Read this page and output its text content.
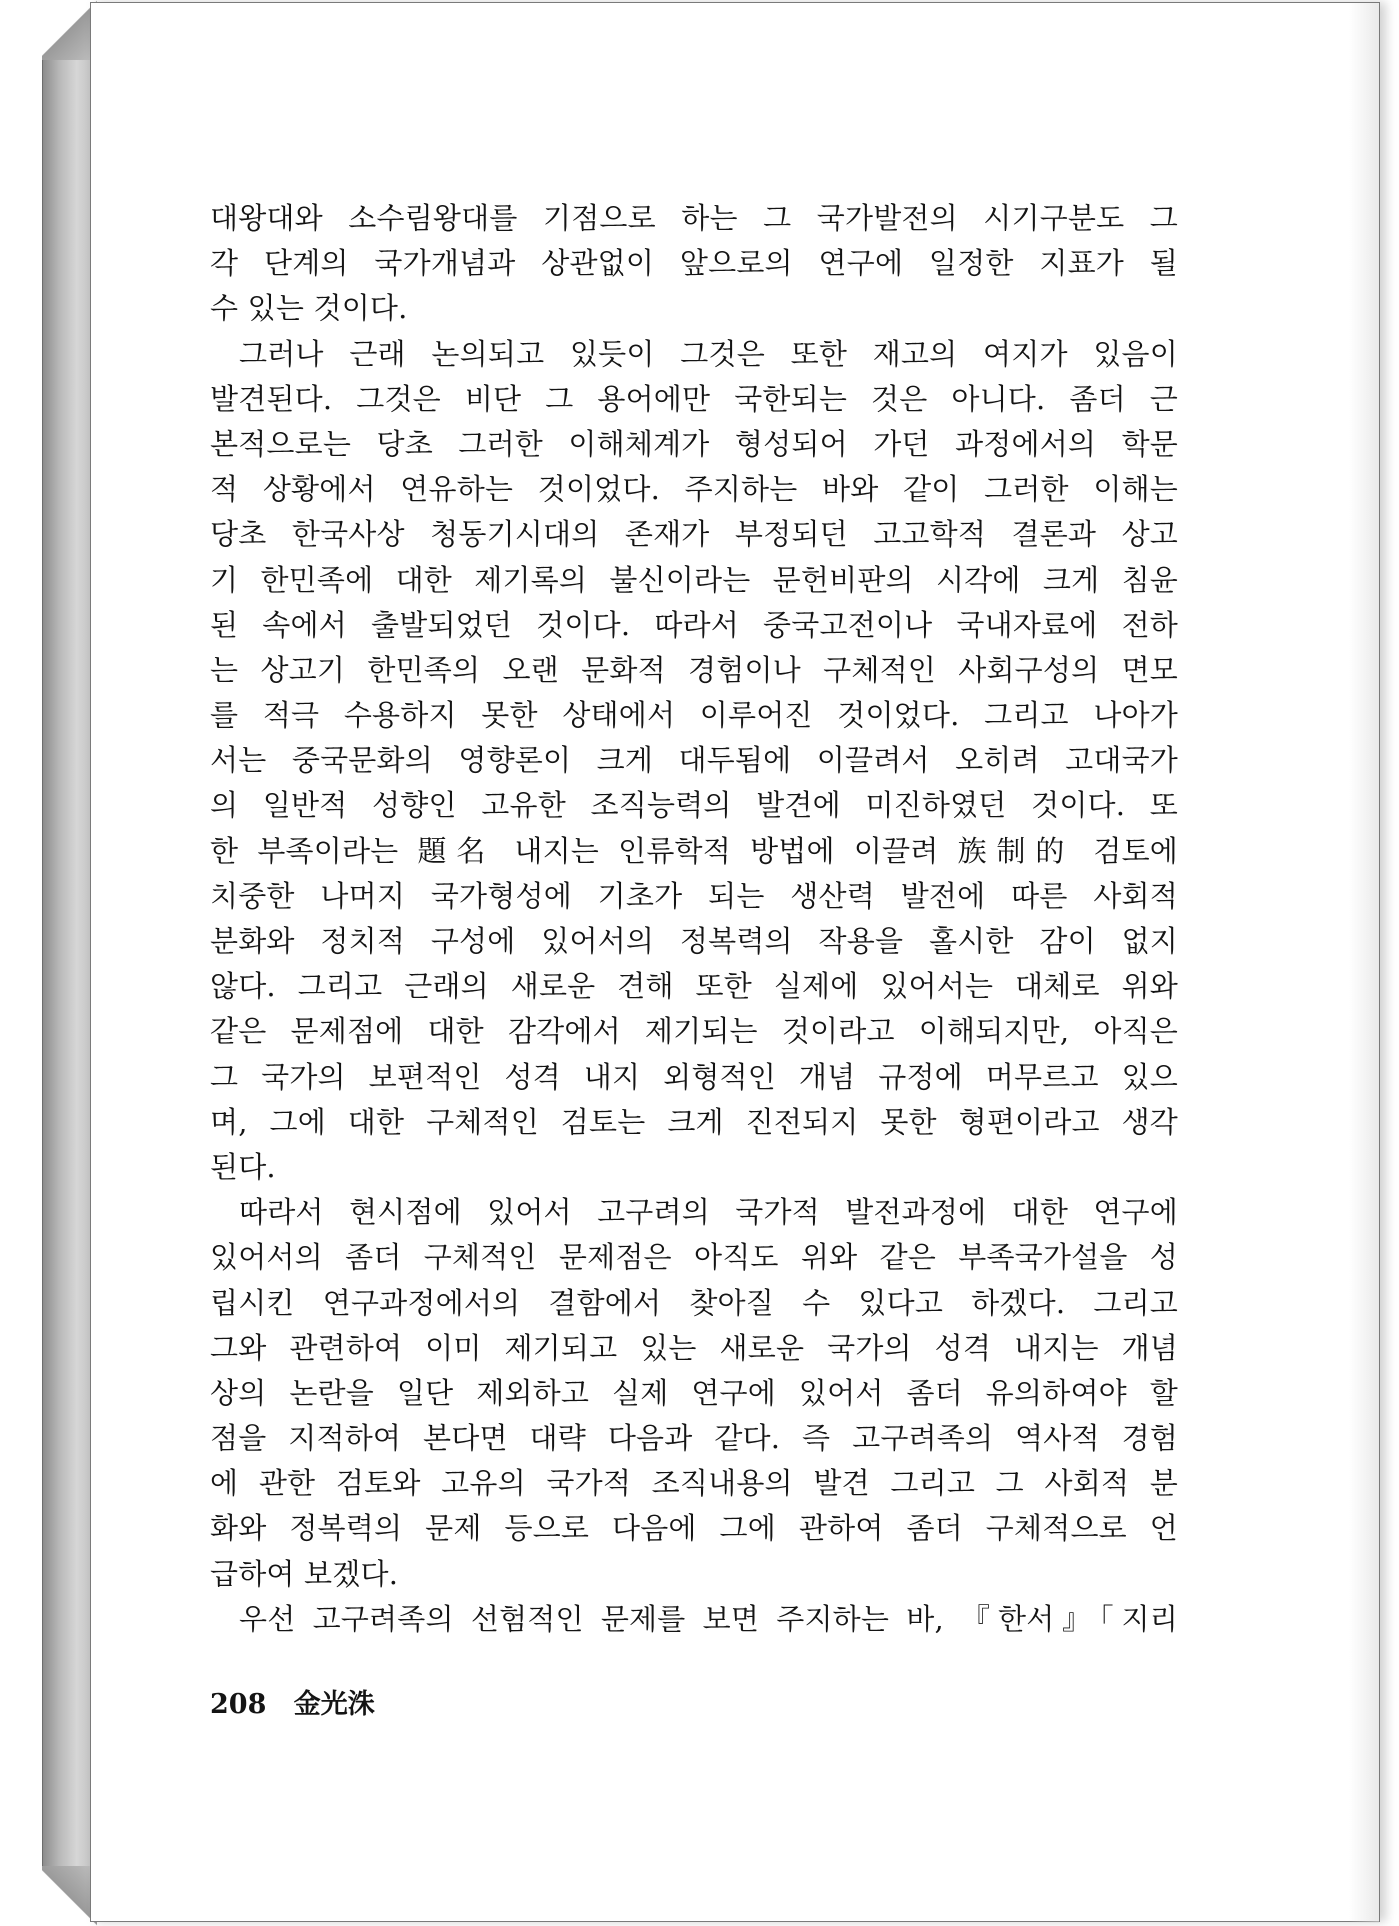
대왕대와 소수림왕대를 기점으로 하는 그 국가발전의 시기구분도 그
각 단계의 국가개념과 상관없이 앞으로의 연구에 일정한 지표가 될
수 있는 것이다.
그러나 근래 논의되고 있듯이 그것은 또한 재고의 여지가 있음이
발견된다. 그것은 비단 그 용어에만 국한되는 것은 아니다. 좀더 근
본적으로는 당초 그러한 이해체계가 형성되어 가던 과정에서의 학문
적 상황에서 연유하는 것이었다. 주지하는 바와 같이 그러한 이해는
당초 한국사상 청동기시대의 존재가 부정되던 고고학적 결론과 상고
기 한민족에 대한 제기록의 불신이라는 문헌비판의 시각에 크게 침윤
된 속에서 출발되었던 것이다. 따라서 중국고전이나 국내자료에 전하
는 상고기 한민족의 오랜 문화적 경험이나 구체적인 사회구성의 면모
를 적극 수용하지 못한 상태에서 이루어진 것이었다. 그리고 나아가
서는 중국문화의 영향론이 크게 대두됨에 이끌려서 오히려 고대국가
의 일반적 성향인 고유한 조직능력의 발견에 미진하였던 것이다. 또
한 부족이라는 題名 내지는 인류학적 방법에 이끌려 族制的 검토에
치중한 나머지 국가형성에 기초가 되는 생산력 발전에 따른 사회적
분화와 정치적 구성에 있어서의 정복력의 작용을 홀시한 감이 없지
않다. 그리고 근래의 새로운 견해 또한 실제에 있어서는 대체로 위와
같은 문제점에 대한 감각에서 제기되는 것이라고 이해되지만, 아직은
그 국가의 보편적인 성격 내지 외형적인 개념 규정에 머무르고 있으
며, 그에 대한 구체적인 검토는 크게 진전되지 못한 형편이라고 생각
된다.
따라서 현시점에 있어서 고구려의 국가적 발전과정에 대한 연구에
있어서의 좀더 구체적인 문제점은 아직도 위와 같은 부족국가설을 성
립시킨 연구과정에서의 결함에서 찾아질 수 있다고 하겠다. 그리고
그와 관련하여 이미 제기되고 있는 새로운 국가의 성격 내지는 개념
상의 논란을 일단 제외하고 실제 연구에 있어서 좀더 유의하여야 할
점을 지적하여 본다면 대략 다음과 같다. 즉 고구려족의 역사적 경험
에 관한 검토와 고유의 국가적 조직내용의 발견 그리고 그 사회적 분
화와 정복력의 문제 등으로 다음에 그에 관하여 좀더 구체적으로 언
급하여 보겠다.
우선 고구려족의 선험적인 문제를 보면 주지하는 바, 『한서』「지리
208 金光洙
